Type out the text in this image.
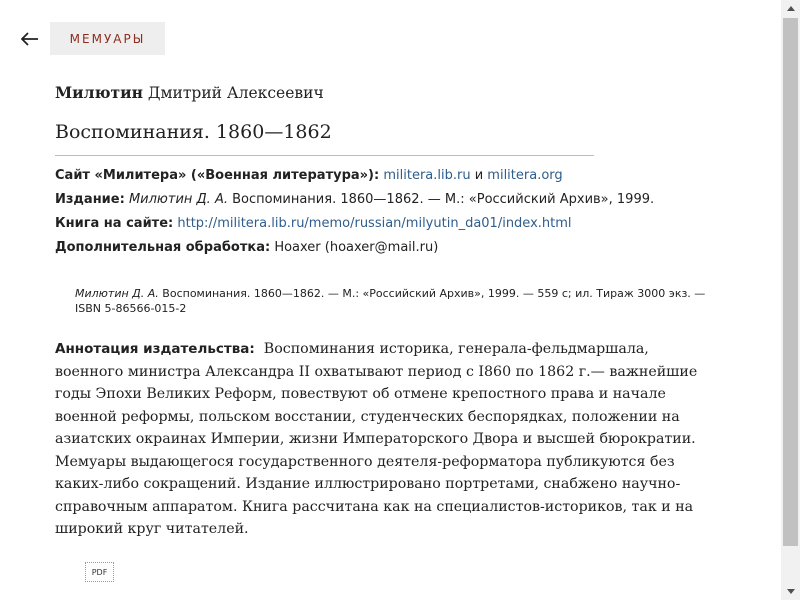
МЕМУАРЫ
Милютин Дмитрий Алексеевич
Воспоминания. 1860—1862
Сайт «Милитера» («Военная литература»): militera.lib.ru и militera.org
Издание: Милютин Д. А. Воспоминания. 1860—1862. — М.: «Российский Архив», 1999.
Книга на сайте: http://militera.lib.ru/memo/russian/milyutin_da01/index.html
Дополнительная обработка: Hoaxer (hoaxer@mail.ru)
Милютин Д. А. Воспоминания. 1860—1862. — М.: «Российский Архив», 1999. — 559 с; ил. Тираж 3000 экз. — ISBN 5-86566-015-2
Аннотация издательства: Воспоминания историка, генерала-фельдмаршала, военного министра Александра II охватывают период с I860 по 1862 г.— важнейшие годы Эпохи Великих Реформ, повествуют об отмене крепостного права и начале военной реформы, польском восстании, студенческих беспорядках, положении на азиатских окраинах Империи, жизни Императорского Двора и высшей бюрократии. Мемуары выдающегося государственного деятеля-реформатора публикуются без каких-либо сокращений. Издание иллюстрировано портретами, снабжено научно-справочным аппаратом. Книга рассчитана как на специалистов-историков, так и на широкий круг читателей.
PDF
